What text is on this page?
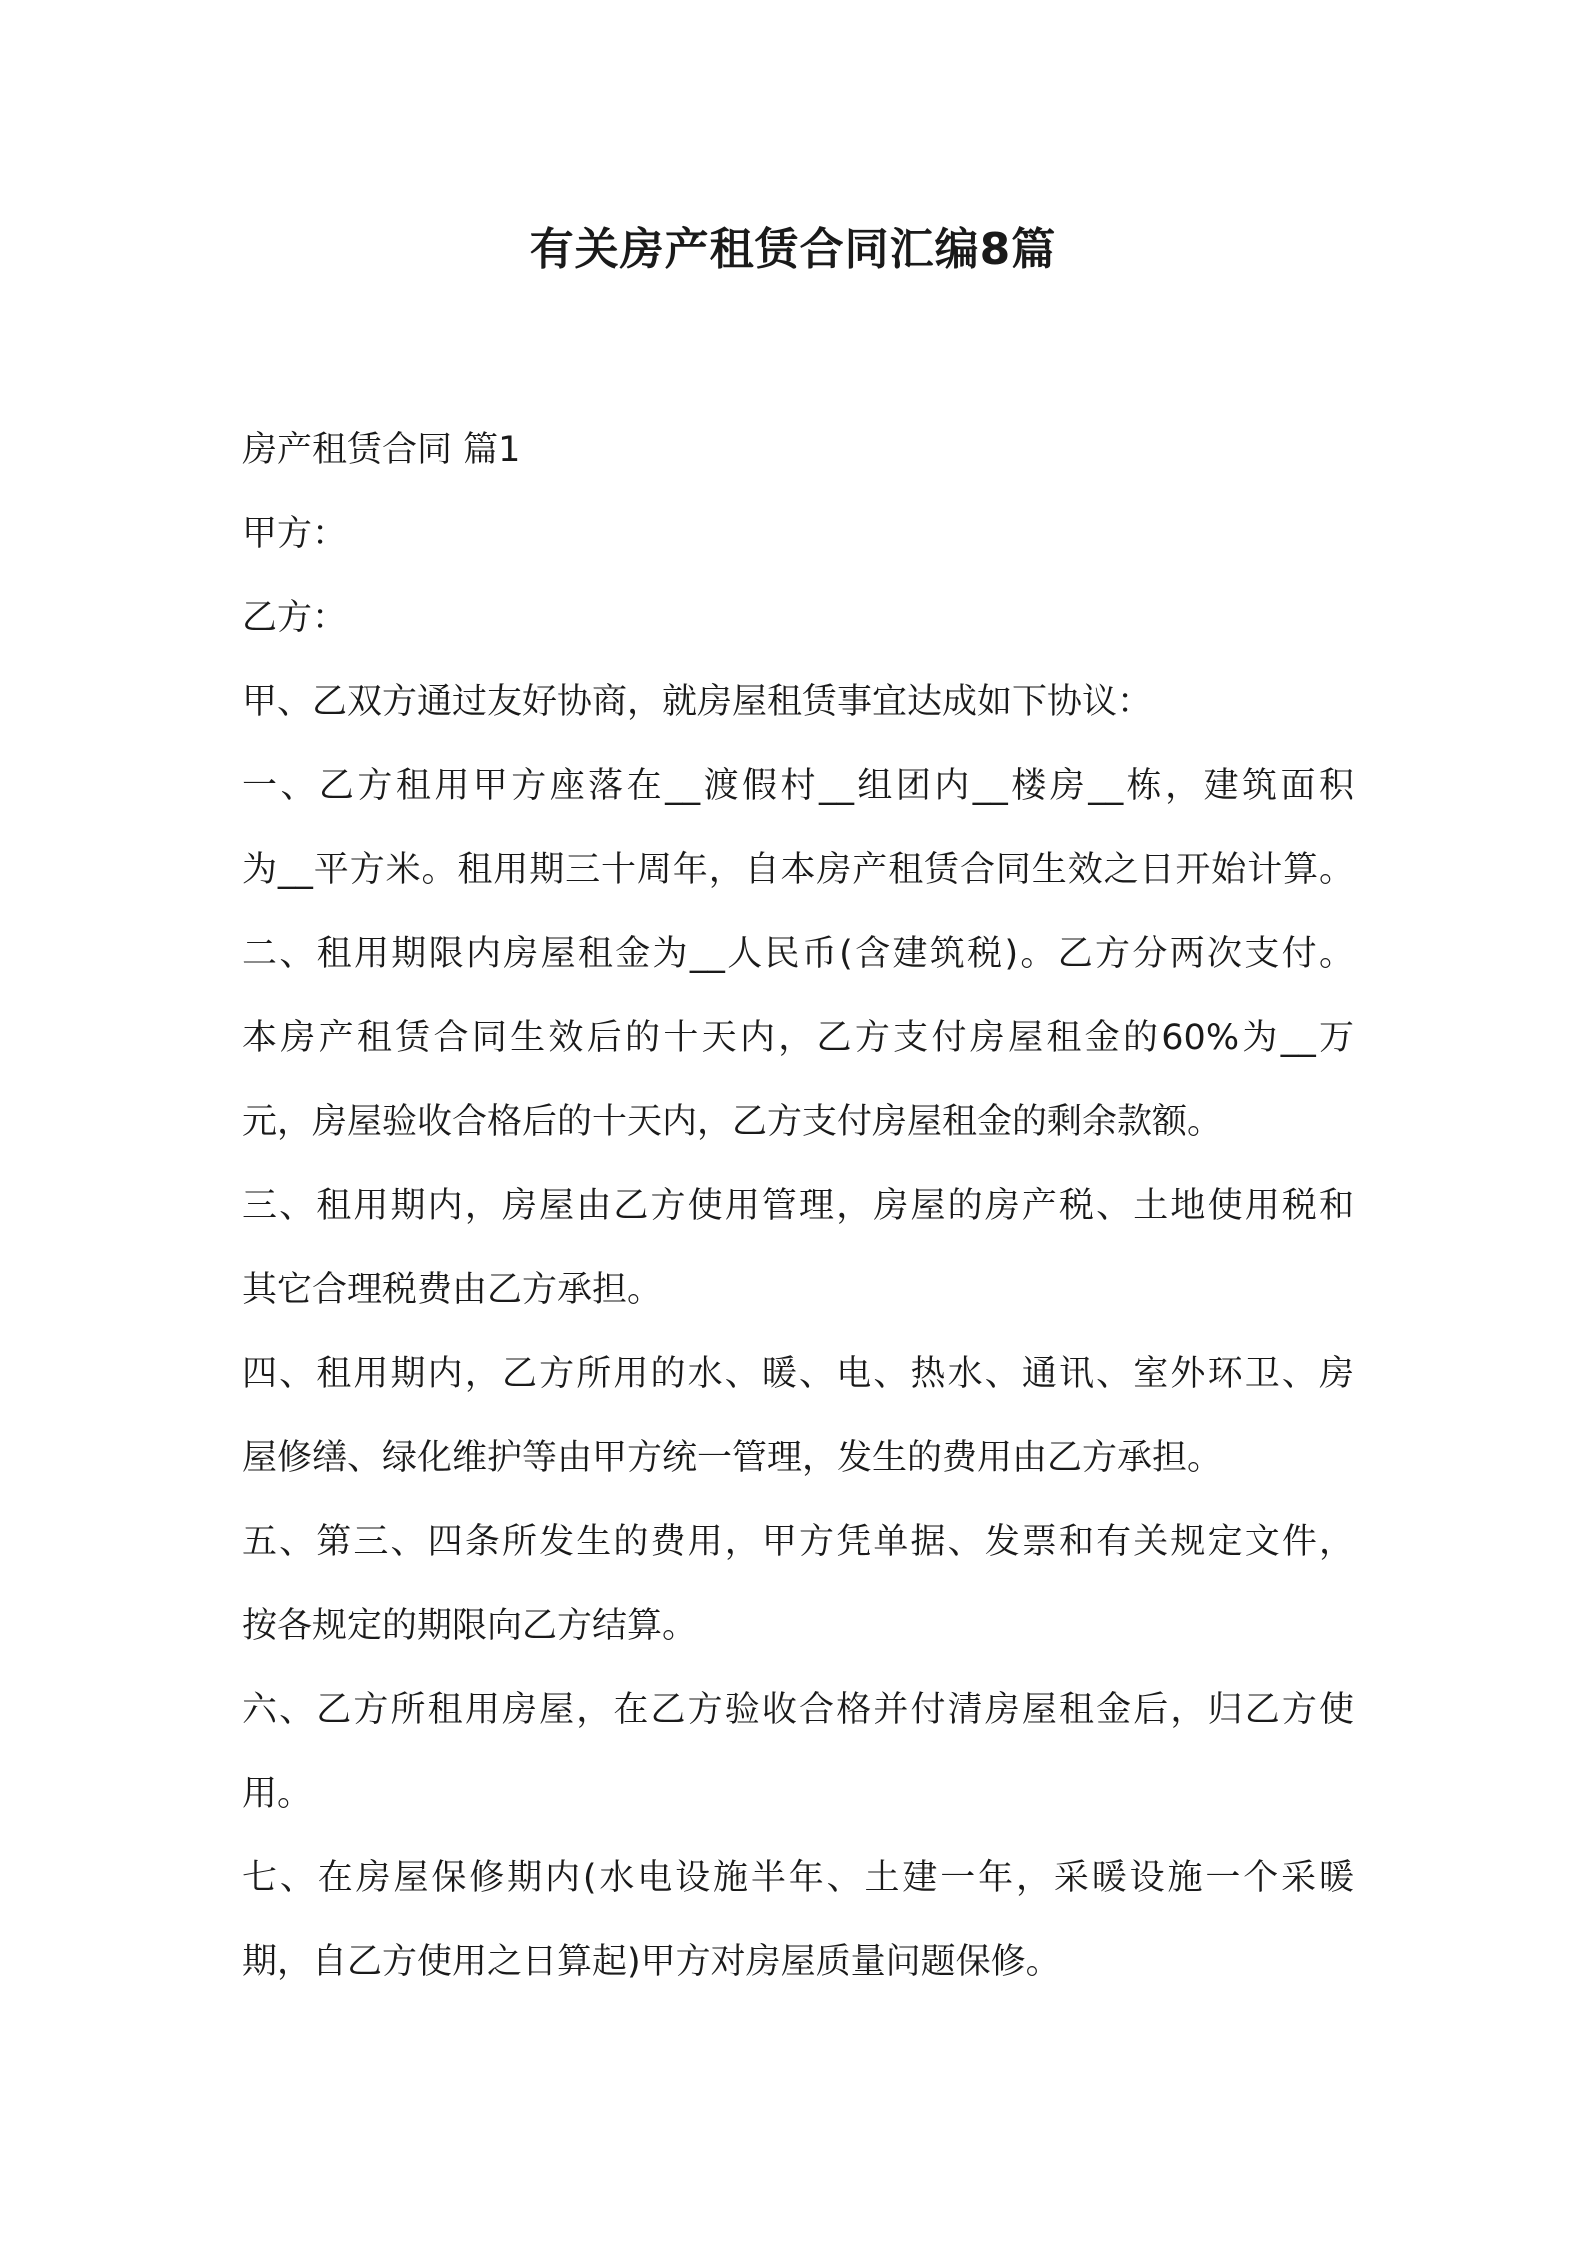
有关房产租赁合同汇编8篇

房产租赁合同 篇1

甲方：

乙方：

甲、乙双方通过友好协商，就房屋租赁事宜达成如下协议：

一、乙方租用甲方座落在__渡假村__组团内__楼房__栋，建筑面积

为__平方米。租用期三十周年，自本房产租赁合同生效之日开始计算。

二、租用期限内房屋租金为__人民币(含建筑税)。乙方分两次支付。

本房产租赁合同生效后的十天内，乙方支付房屋租金的60%为__万

元，房屋验收合格后的十天内，乙方支付房屋租金的剩余款额。

三、租用期内，房屋由乙方使用管理，房屋的房产税、土地使用税和

其它合理税费由乙方承担。

四、租用期内，乙方所用的水、暖、电、热水、通讯、室外环卫、房

屋修缮、绿化维护等由甲方统一管理，发生的费用由乙方承担。

五、第三、四条所发生的费用，甲方凭单据、发票和有关规定文件，

按各规定的期限向乙方结算。

六、乙方所租用房屋，在乙方验收合格并付清房屋租金后，归乙方使

用。

七、在房屋保修期内(水电设施半年、土建一年，采暖设施一个采暖

期，自乙方使用之日算起)甲方对房屋质量问题保修。
